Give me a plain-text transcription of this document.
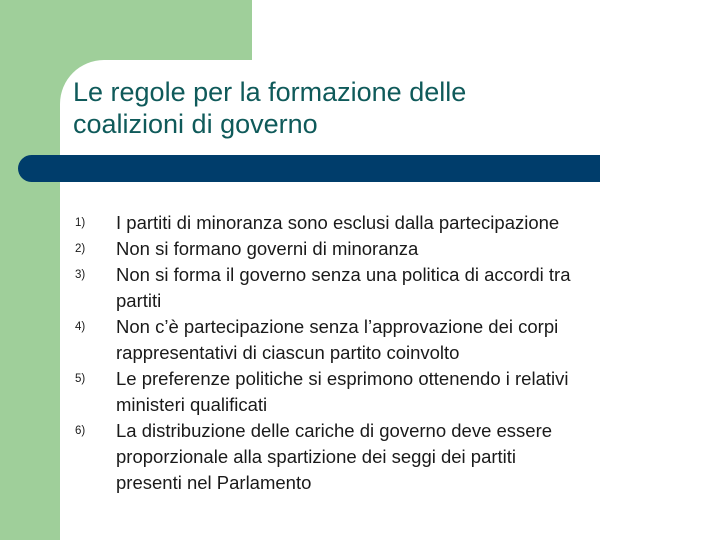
Le regole per la formazione delle
coalizioni di governo
1) I partiti di minoranza sono esclusi dalla partecipazione
2) Non si formano governi di minoranza
3) Non si forma il governo senza una politica di accordi tra
partiti
4) Non c’è partecipazione senza l’approvazione dei corpi
rappresentativi di ciascun partito coinvolto
5) Le preferenze politiche si esprimono ottenendo i relativi
ministeri qualificati
6) La distribuzione delle cariche di governo deve essere
proporzionale alla spartizione dei seggi dei partiti
presenti nel Parlamento
